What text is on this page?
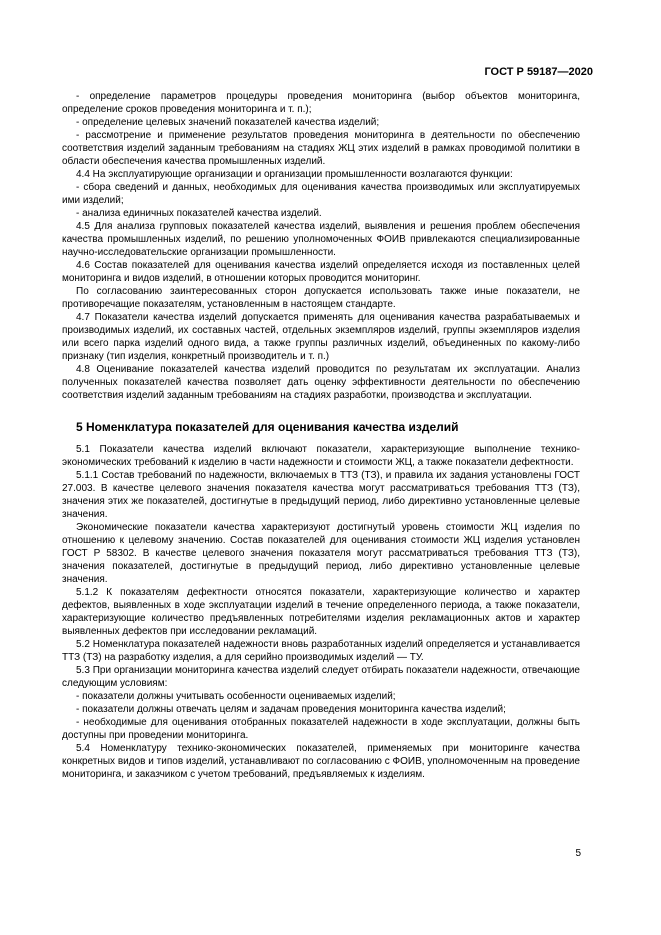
ГОСТ Р 59187—2020

- определение параметров процедуры проведения мониторинга (выбор объектов мониторинга, определение сроков проведения мониторинга и т. п.);

- определение целевых значений показателей качества изделий;

- рассмотрение и применение результатов проведения мониторинга в деятельности по обеспечению соответствия изделий заданным требованиям на стадиях ЖЦ этих изделий в рамках проводимой политики в области обеспечения качества промышленных изделий.

4.4 На эксплуатирующие организации и организации промышленности возлагаются функции:

- сбора сведений и данных, необходимых для оценивания качества производимых или эксплуатируемых ими изделий;

- анализа единичных показателей качества изделий.

4.5 Для анализа групповых показателей качества изделий, выявления и решения проблем обеспечения качества промышленных изделий, по решению уполномоченных ФОИВ привлекаются специализированные научно-исследовательские организации промышленности.

4.6 Состав показателей для оценивания качества изделий определяется исходя из поставленных целей мониторинга и видов изделий, в отношении которых проводится мониторинг.

По согласованию заинтересованных сторон допускается использовать также иные показатели, не противоречащие показателям, установленным в настоящем стандарте.

4.7 Показатели качества изделий допускается применять для оценивания качества разрабатываемых и производимых изделий, их составных частей, отдельных экземпляров изделий, группы экземпляров изделия или всего парка изделий одного вида, а также группы различных изделий, объединенных по какому-либо признаку (тип изделия, конкретный производитель и т. п.)

4.8 Оценивание показателей качества изделий проводится по результатам их эксплуатации. Анализ полученных показателей качества позволяет дать оценку эффективности деятельности по обеспечению соответствия изделий заданным требованиям на стадиях разработки, производства и эксплуатации.

5 Номенклатура показателей для оценивания качества изделий

5.1 Показатели качества изделий включают показатели, характеризующие выполнение технико-экономических требований к изделию в части надежности и стоимости ЖЦ, а также показатели дефектности.

5.1.1 Состав требований по надежности, включаемых в ТТЗ (ТЗ), и правила их задания установлены ГОСТ 27.003. В качестве целевого значения показателя качества могут рассматриваться требования ТТЗ (ТЗ), значения этих же показателей, достигнутые в предыдущий период, либо директивно установленные целевые значения.

Экономические показатели качества характеризуют достигнутый уровень стоимости ЖЦ изделия по отношению к целевому значению. Состав показателей для оценивания стоимости ЖЦ изделия установлен ГОСТ Р 58302. В качестве целевого значения показателя могут рассматриваться требования ТТЗ (ТЗ), значения показателей, достигнутые в предыдущий период, либо директивно установленные целевые значения.

5.1.2 К показателям дефектности относятся показатели, характеризующие количество и характер дефектов, выявленных в ходе эксплуатации изделий в течение определенного периода, а также показатели, характеризующие количество предъявленных потребителями изделия рекламационных актов и характер выявленных дефектов при исследовании рекламаций.

5.2 Номенклатура показателей надежности вновь разработанных изделий определяется и устанавливается ТТЗ (ТЗ) на разработку изделия, а для серийно производимых изделий — ТУ.

5.3 При организации мониторинга качества изделий следует отбирать показатели надежности, отвечающие следующим условиям:

- показатели должны учитывать особенности оцениваемых изделий;

- показатели должны отвечать целям и задачам проведения мониторинга качества изделий;

- необходимые для оценивания отобранных показателей надежности в ходе эксплуатации, должны быть доступны при проведении мониторинга.

5.4 Номенклатуру технико-экономических показателей, применяемых при мониторинге качества конкретных видов и типов изделий, устанавливают по согласованию с ФОИВ, уполномоченным на проведение мониторинга, и заказчиком с учетом требований, предъявляемых к изделиям.

5
